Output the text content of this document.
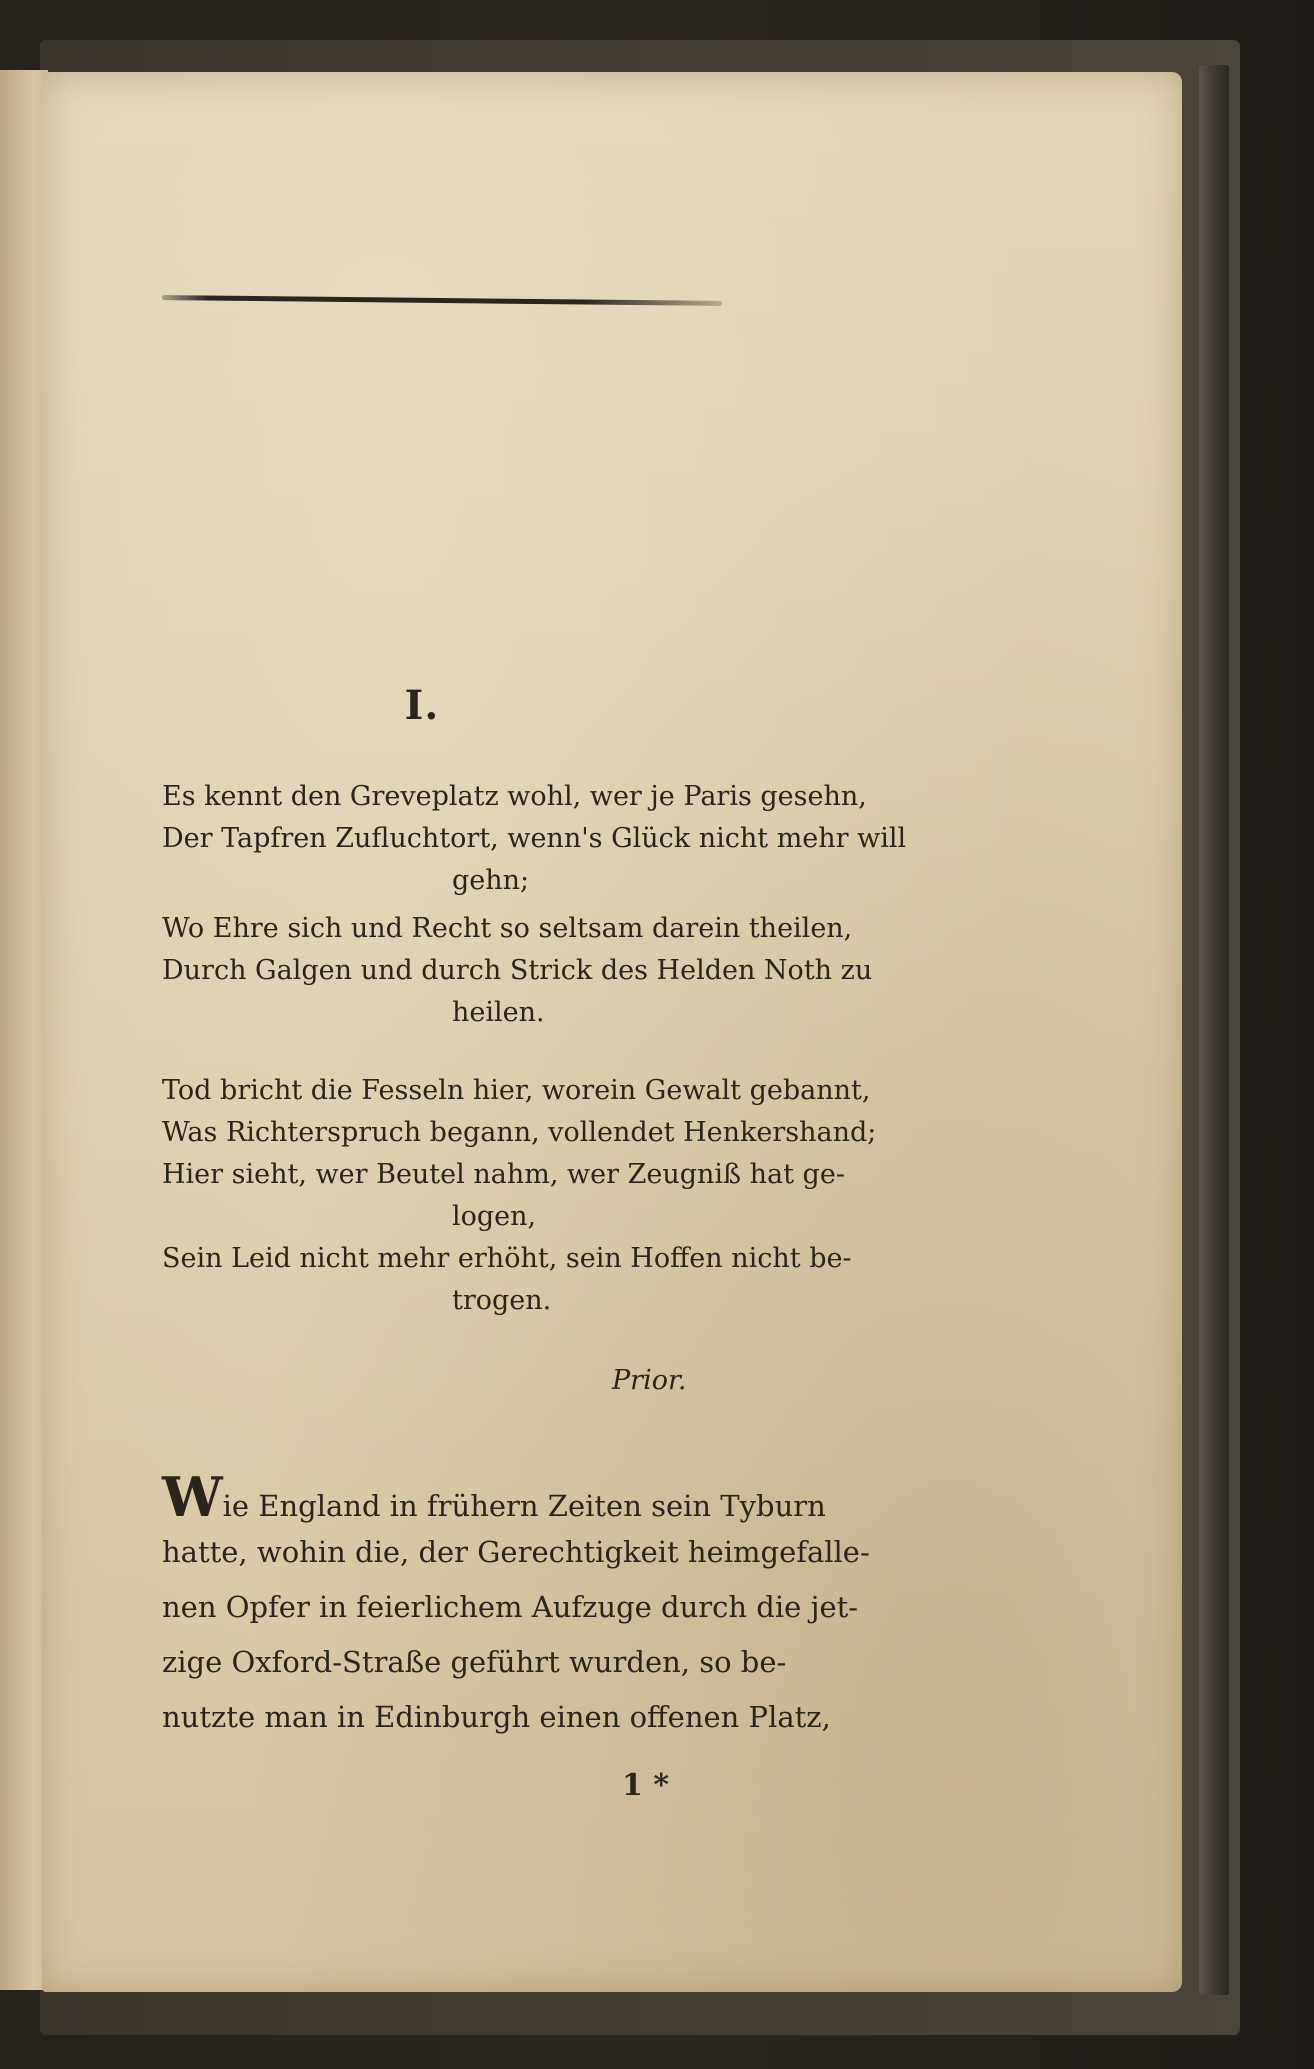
I.
Es kennt den Greveplatz wohl, wer je Paris gesehn,
Der Tapfren Zufluchtort, wenn's Glück nicht mehr will
gehn;
Wo Ehre sich und Recht so seltsam darein theilen,
Durch Galgen und durch Strick des Helden Noth zu
heilen.
Tod bricht die Fesseln hier, worein Gewalt gebannt,
Was Richterspruch begann, vollendet Henkershand;
Hier sieht, wer Beutel nahm, wer Zeugniß hat ge-
logen,
Sein Leid nicht mehr erhöht, sein Hoffen nicht be-
trogen.
Prior.
Wie England in frühern Zeiten sein Tyburn
hatte, wohin die, der Gerechtigkeit heimgefalle-
nen Opfer in feierlichem Aufzuge durch die jet-
zige Oxford-Straße geführt wurden, so be-
nutzte man in Edinburgh einen offenen Platz,
1 *
